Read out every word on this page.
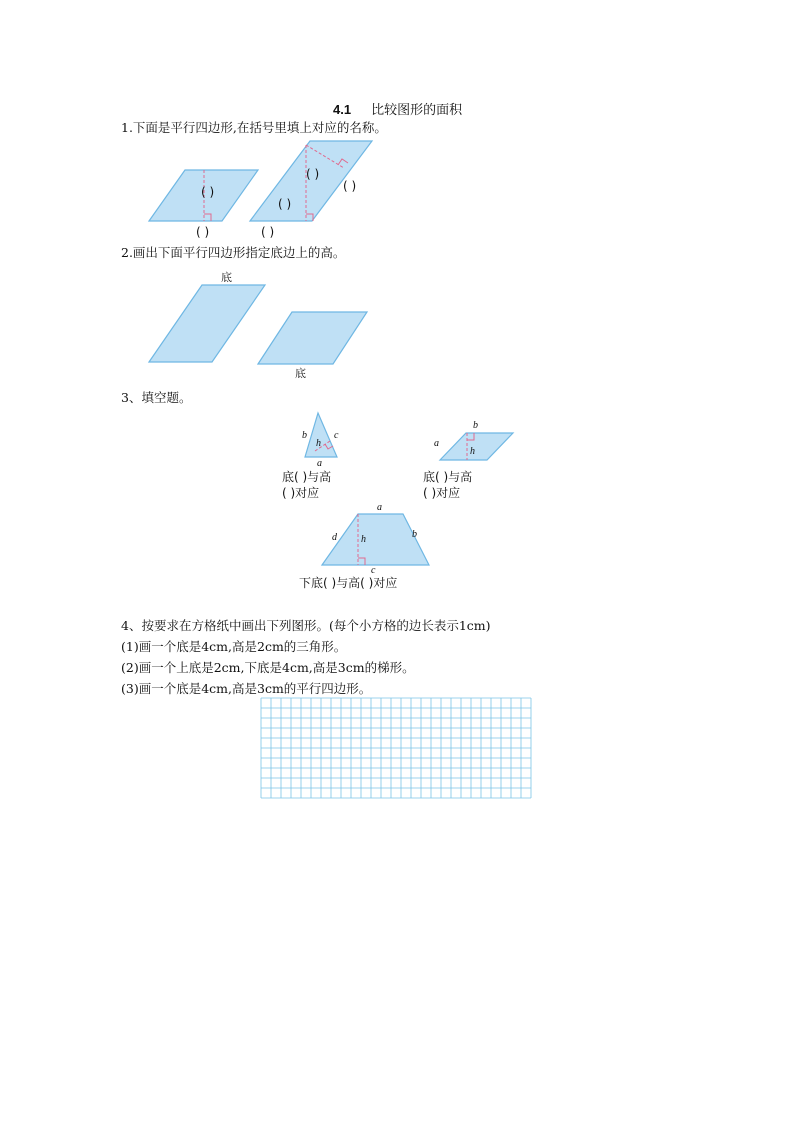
4.1 比较图形的面积
1.下面是平行四边形,在括号里填上对应的名称。
( )
( )
( )
( )
( )
( )
2.画出下面平行四边形指定底边上的高。
底
底
3、填空题。
b
h
c
a
底( )与高
( )对应
b
a
h
底( )与高
( )对应
a
d h	b
c
下底( )与高( )对应
4、按要求在方格纸中画出下列图形。(每个小方格的边长表示1cm)
(1)画一个底是4cm,高是2cm的三角形。
(2)画一个上底是2cm,下底是4cm,高是3cm的梯形。
(3)画一个底是4cm,高是3cm的平行四边形。
